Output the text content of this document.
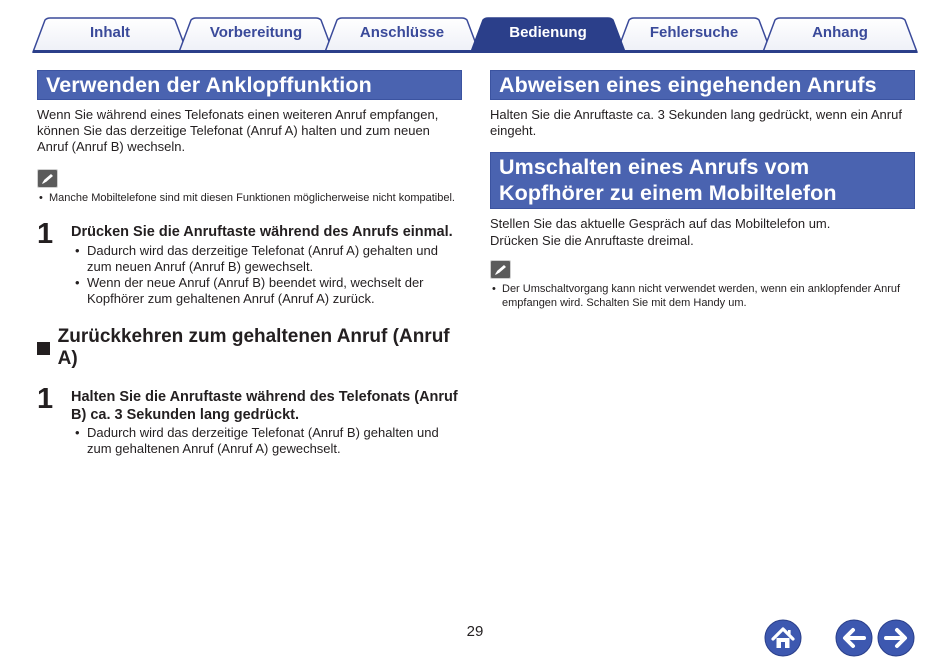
Inhalt	Vorbereitung	Anschlüsse	Bedienung	Fehlersuche	Anhang
Verwenden der Anklopffunktion

Wenn Sie während eines Telefonats einen weiteren Anruf empfangen, können Sie das derzeitige Telefonat (Anruf A) halten und zum neuen Anruf (Anruf B) wechseln.

• Manche Mobiltelefone sind mit diesen Funktionen möglicherweise nicht kompatibel.
1 Drücken Sie die Anruftaste während des Anrufs einmal.
• Dadurch wird das derzeitige Telefonat (Anruf A) gehalten und zum neuen Anruf (Anruf B) gewechselt.
• Wenn der neue Anruf (Anruf B) beendet wird, wechselt der Kopfhörer zum gehaltenen Anruf (Anruf A) zurück.
Zurückkehren zum gehaltenen Anruf (Anruf A)
1 Halten Sie die Anruftaste während des Telefonats (Anruf B) ca. 3 Sekunden lang gedrückt.
• Dadurch wird das derzeitige Telefonat (Anruf B) gehalten und zum gehaltenen Anruf (Anruf A) gewechselt.
Abweisen eines eingehenden Anrufs

Halten Sie die Anruftaste ca. 3 Sekunden lang gedrückt, wenn ein Anruf eingeht.

Umschalten eines Anrufs vom Kopfhörer zu einem Mobiltelefon

Stellen Sie das aktuelle Gespräch auf das Mobiltelefon um.

Drücken Sie die Anruftaste dreimal.

• Der Umschaltvorgang kann nicht verwendet werden, wenn ein anklopfender Anruf empfangen wird. Schalten Sie mit dem Handy um.
29
